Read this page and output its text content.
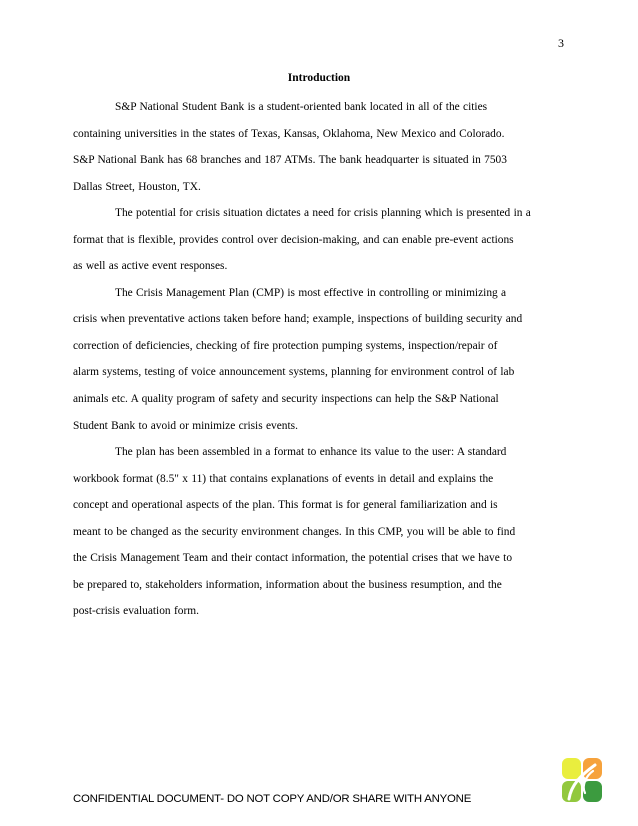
3
Introduction
S&P National Student Bank is a student-oriented bank located in all of the cities
containing universities in the states of Texas, Kansas, Oklahoma, New Mexico and Colorado.
S&P National Bank has 68 branches and 187 ATMs. The bank headquarter is situated in 7503
Dallas Street, Houston, TX.
The potential for crisis situation dictates a need for crisis planning which is presented in a
format that is flexible, provides control over decision-making, and can enable pre-event actions
as well as active event responses.
The Crisis Management Plan (CMP) is most effective in controlling or minimizing a
crisis when preventative actions taken before hand; example, inspections of building security and
correction of deficiencies, checking of fire protection pumping systems, inspection/repair of
alarm systems, testing of voice announcement systems, planning for environment control of lab
animals etc. A quality program of safety and security inspections can help the S&P National
Student Bank to avoid or minimize crisis events.
The plan has been assembled in a format to enhance its value to the user: A standard
workbook format (8.5" x 11) that contains explanations of events in detail and explains the
concept and operational aspects of the plan. This format is for general familiarization and is
meant to be changed as the security environment changes. In this CMP, you will be able to find
the Crisis Management Team and their contact information, the potential crises that we have to
be prepared to, stakeholders information, information about the business resumption, and the
post-crisis evaluation form.
CONFIDENTIAL DOCUMENT- DO NOT COPY AND/OR SHARE WITH ANYONE
